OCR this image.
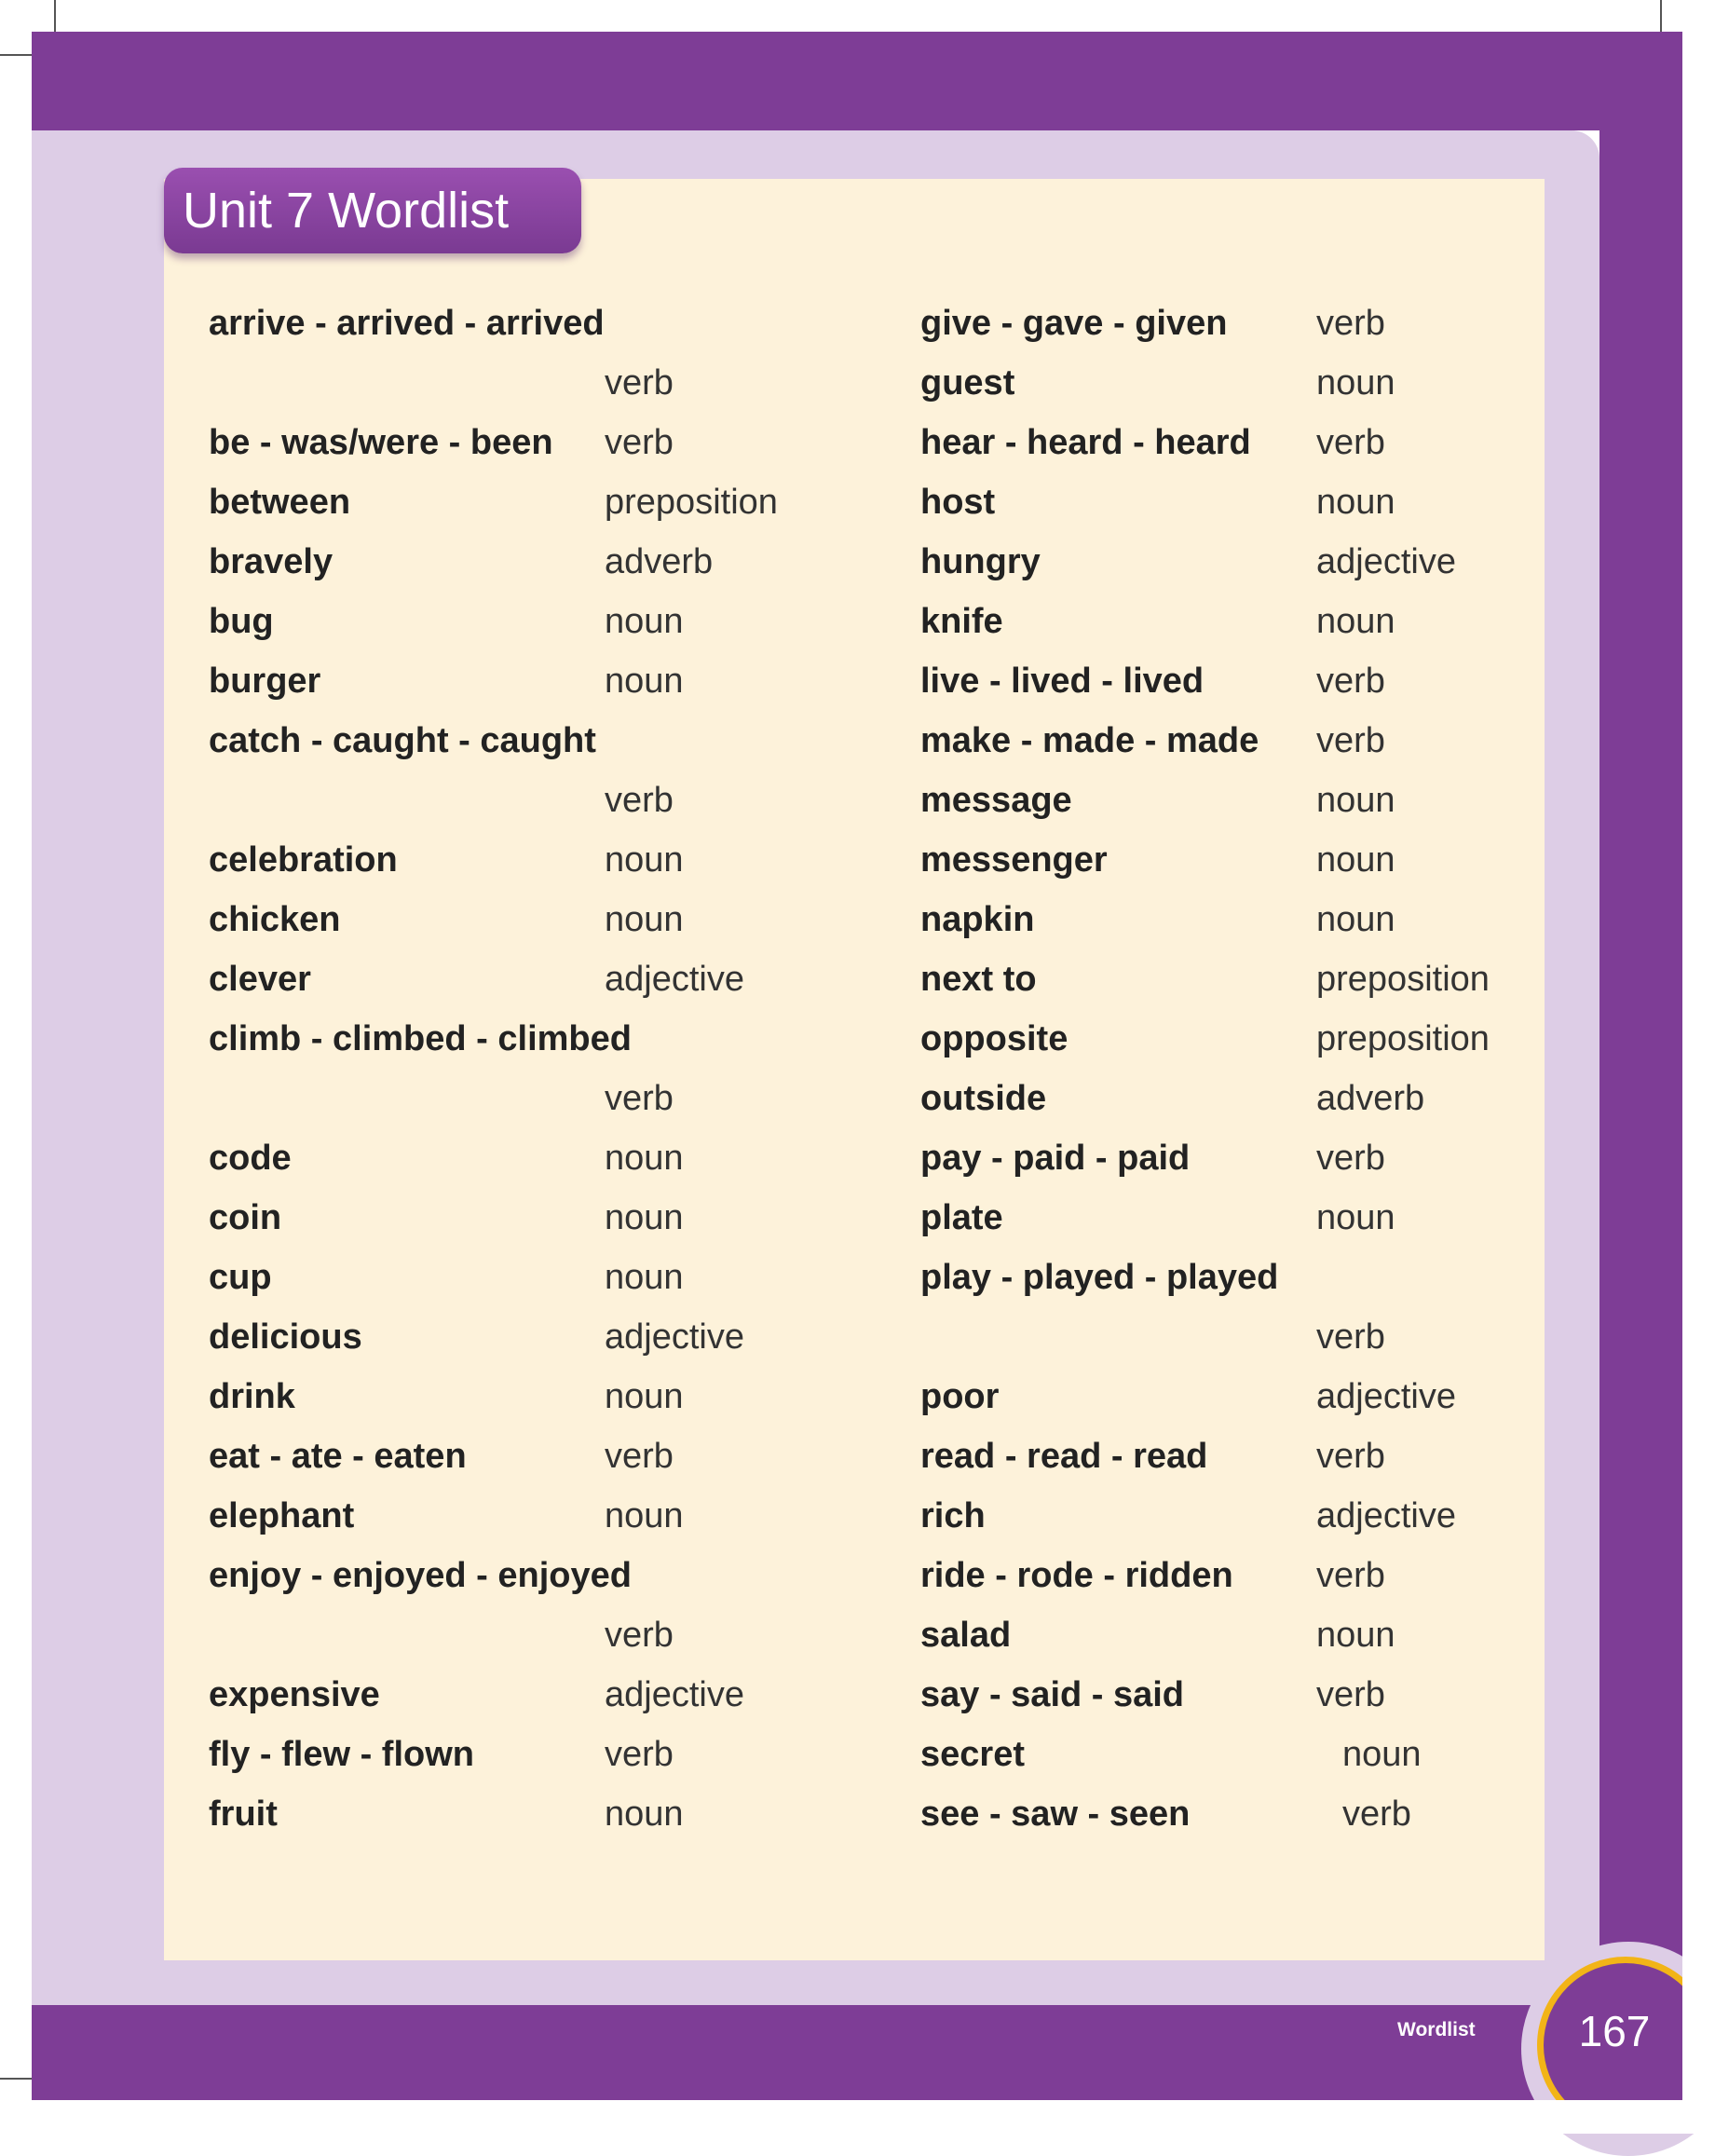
Unit 7 Wordlist
arrive - arrived - arrived
verb
be - was/were - been verb
between	preposition
bravely	adverb
bug	noun
burger	noun
catch - caught - caught
verb
celebration	noun
chicken	noun
clever	adjective
climb - climbed - climbed
verb
code	noun
coin	noun
cup	noun
delicious	adjective
drink	noun
eat - ate - eaten	verb
elephant	noun
enjoy - enjoyed - enjoyed
verb
expensive	adjective
fly - flew - flown	verb
fruit	noun
give - gave - given	verb
guest	noun
hear - heard - heard verb
host	noun
hungry	adjective
knife	noun
live - lived - lived	verb
make - made - made verb
message	noun
messenger	noun
napkin	noun
next to	preposition
opposite	preposition
outside	adverb
pay - paid - paid	verb
plate	noun
play - played - played
verb
poor	adjective
read - read - read	verb
rich	adjective
ride - rode - ridden verb
salad	noun
say - said - said	verb
secret	noun
see - saw - seen	verb
167
Wordlist
